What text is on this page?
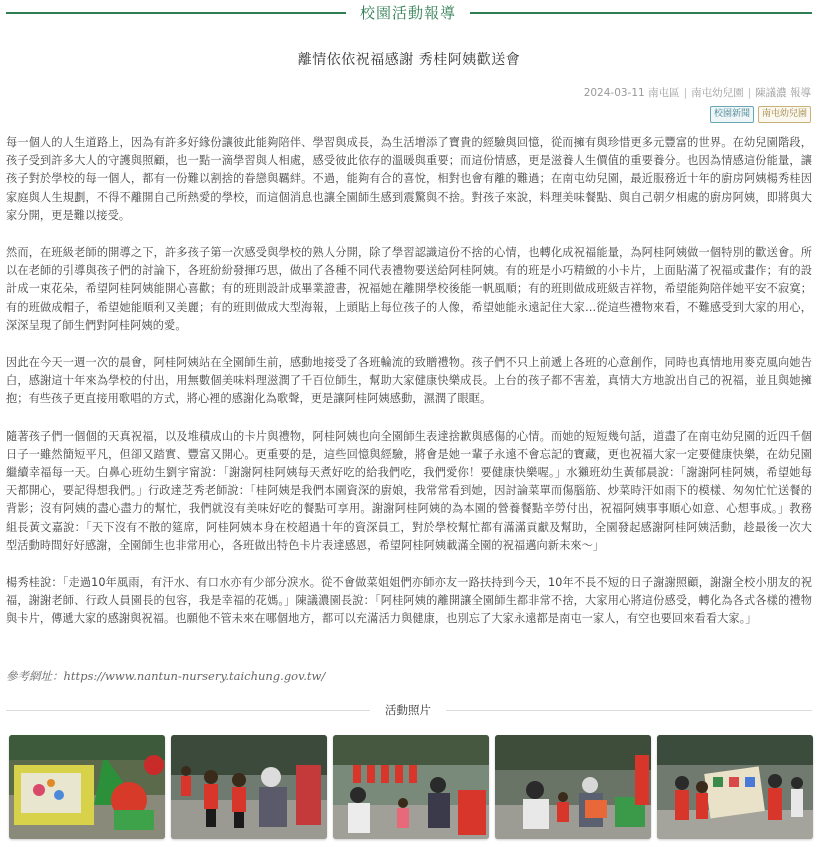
校園活動報導
離情依依祝福感謝 秀桂阿姨歡送會
2024-03-11 南屯區 | 南屯幼兒園 | 陳議濃 報導
校園新聞	南屯幼兒園

每一個人的人生道路上，因為有許多好緣份讓彼此能夠陪伴、學習與成長，為生活增添了寶貴的經驗與回憶，從而擁有與珍惜更多元豐富的世界。在幼兒園階段，孩子受到許多大人的守護與照顧，也一點一滴學習與人相處，感受彼此依存的溫暖與重要；而這份情感，更是滋養人生價值的重要養分。也因為情感這份能量，讓孩子對於學校的每一個人，都有一份難以割捨的眷戀與羈絆。不過，能夠有合的喜悅，相對也會有離的難過；在南屯幼兒園，最近服務近十年的廚房阿姨楊秀桂因家庭與人生規劃，不得不離開自己所熱愛的學校，而這個消息也讓全園師生感到震驚與不捨。對孩子來說，料理美味餐點、與自己朝夕相處的廚房阿姨，即將與大家分開，更是難以接受。

然而，在班級老師的開導之下，許多孩子第一次感受與學校的熟人分開，除了學習認識這份不捨的心情，也轉化成祝福能量，為阿桂阿姨做一個特別的歡送會。所以在老師的引導與孩子們的討論下，各班紛紛發揮巧思，做出了各種不同代表禮物要送給阿桂阿姨。有的班是小巧精緻的小卡片，上面貼滿了祝福或畫作；有的設計成一束花朵，希望阿桂阿姨能開心喜歡；有的班則設計成畢業證書，祝福她在離開學校後能一帆風順；有的班則做成班級吉祥物，希望能夠陪伴她平安不寂寞；有的班做成帽子，希望她能順利又美麗；有的班則做成大型海報，上頭貼上每位孩子的人像，希望她能永遠記住大家…從這些禮物來看，不難感受到大家的用心，深深呈現了師生們對阿桂阿姨的愛。

因此在今天一週一次的晨會，阿桂阿姨站在全園師生前，感動地接受了各班輪流的致贈禮物。孩子們不只上前遞上各班的心意創作，同時也真情地用麥克風向她告白，感謝這十年來為學校的付出，用無數個美味料理滋潤了千百位師生，幫助大家健康快樂成長。上台的孩子都不害羞，真情大方地說出自己的祝福，並且與她擁抱；有些孩子更直接用歌唱的方式，將心裡的感謝化為歌聲，更是讓阿桂阿姨感動，濕潤了眼眶。

隨著孩子們一個個的天真祝福，以及堆積成山的卡片與禮物，阿桂阿姨也向全園師生表達捨歉與感傷的心情。而她的短短幾句話，道盡了在南屯幼兒園的近四千個日子一雖然簡短平凡，但卻又踏實、豐富又開心。更重要的是，這些回憶與經驗，將會是她一輩子永遠不會忘記的寶藏，更也祝福大家一定要健康快樂，在幼兒園繼續幸福每一天。白鼻心班幼生劉宇甯說：「謝謝阿桂阿姨每天煮好吃的給我們吃，我們愛你！要健康快樂喔。」水獺班幼生黃郁晨說：「謝謝阿桂阿姨，希望她每天都開心，要記得想我們。」行政達芝秀老師說：「桂阿姨是我們本園資深的廚娘，我常常看到她，因討論菜單而傷腦筋、炒菜時汗如雨下的模樣、匆匆忙忙送餐的背影；沒有阿姨的盡心盡力的幫忙，我們就沒有美味好吃的餐點可享用。謝謝阿桂阿姨的為本園的營養餐點辛勞付出，祝福阿姨事事順心如意、心想事成。」教務組長黃文嘉說：「天下沒有不散的筵席，阿桂阿姨本身在校超過十年的資深員工，對於學校幫忙都有滿滿貢獻及幫助，全園發起感謝阿桂阿姨活動，趁最後一次大型活動時間好好感謝，全園師生也非常用心，各班做出特色卡片表達感恩，希望阿桂阿姨載滿全園的祝福邁向新未來～」

楊秀桂說：「走過10年風雨，有汗水、有口水亦有少部分淚水。從不會做菜姐姐們亦師亦友一路扶持到今天，10年不長不短的日子謝謝照顧，謝謝全校小朋友的祝福，謝謝老師、行政人員園長的包容，我是幸福的花媽。」陳議濃園長說：「阿桂阿姨的離開讓全園師生都非常不捨，大家用心將這份感受，轉化為各式各樣的禮物與卡片，傳遞大家的感謝與祝福。也願他不管未來在哪個地方，都可以充滿活力與健康，也別忘了大家永遠都是南屯一家人，有空也要回來看看大家。」

參考網址：https://www.nantun-nursery.taichung.gov.tw/
活動照片
